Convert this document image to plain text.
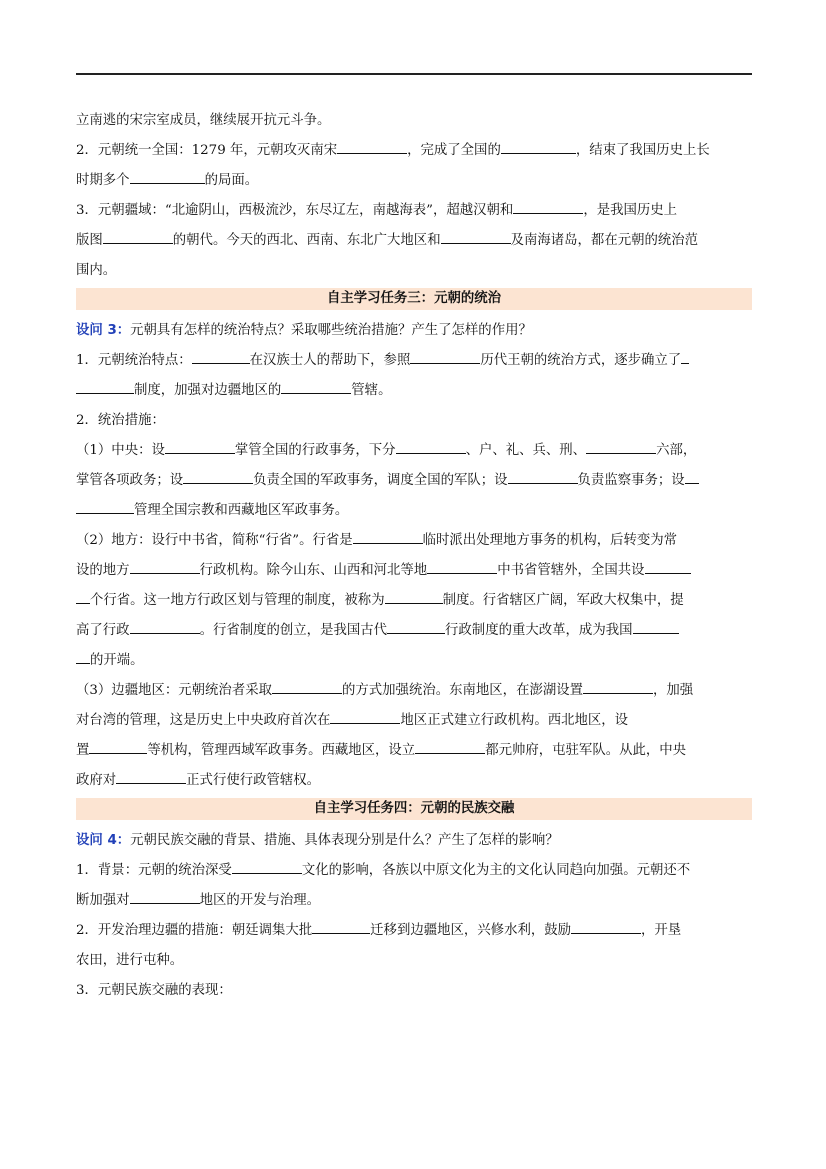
立南逃的宋宗室成员，继续展开抗元斗争。
2．元朝统一全国：1279 年，元朝攻灭南宋	，完成了全国的	，结束了我国历史上长
时期多个	的局面。
3．元朝疆域：“北逾阴山，西极流沙，东尽辽左，南越海表”，超越汉朝和	，是我国历史上
版图	的朝代。今天的西北、西南、东北广大地区和	及南海诸岛，都在元朝的统治范
围内。
自主学习任务三：元朝的统治
设问 3：元朝具有怎样的统治特点？采取哪些统治措施？产生了怎样的作用？
1．元朝统治特点：	在汉族士人的帮助下，参照	历代王朝的统治方式，逐步确立了
制度，加强对边疆地区的	管辖。
2．统治措施：
（1）中央：设	掌管全国的行政事务，下分	、户、礼、兵、刑、	六部，
掌管各项政务；设	负责全国的军政事务，调度全国的军队；设	负责监察事务；设
管理全国宗教和西藏地区军政事务。
（2）地方：设行中书省，简称“行省”。行省是	临时派出处理地方事务的机构，后转变为常
设的地方	行政机构。除今山东、山西和河北等地	中书省管辖外，全国共设
个行省。这一地方行政区划与管理的制度，被称为	制度。行省辖区广阔，军政大权集中，提
高了行政	。行省制度的创立，是我国古代	行政制度的重大改革，成为我国
的开端。
（3）边疆地区：元朝统治者采取	的方式加强统治。东南地区，在澎湖设置	，加强
对台湾的管理，这是历史上中央政府首次在	地区正式建立行政机构。西北地区，设
置	等机构，管理西域军政事务。西藏地区，设立	都元帅府，屯驻军队。从此，中央
政府对	正式行使行政管辖权。
自主学习任务四：元朝的民族交融
设问 4：元朝民族交融的背景、措施、具体表现分别是什么？产生了怎样的影响？
1．背景：元朝的统治深受	文化的影响，各族以中原文化为主的文化认同趋向加强。元朝还不
断加强对	地区的开发与治理。
2．开发治理边疆的措施：朝廷调集大批	迁移到边疆地区，兴修水利，鼓励	，开垦
农田，进行屯种。
3．元朝民族交融的表现：
